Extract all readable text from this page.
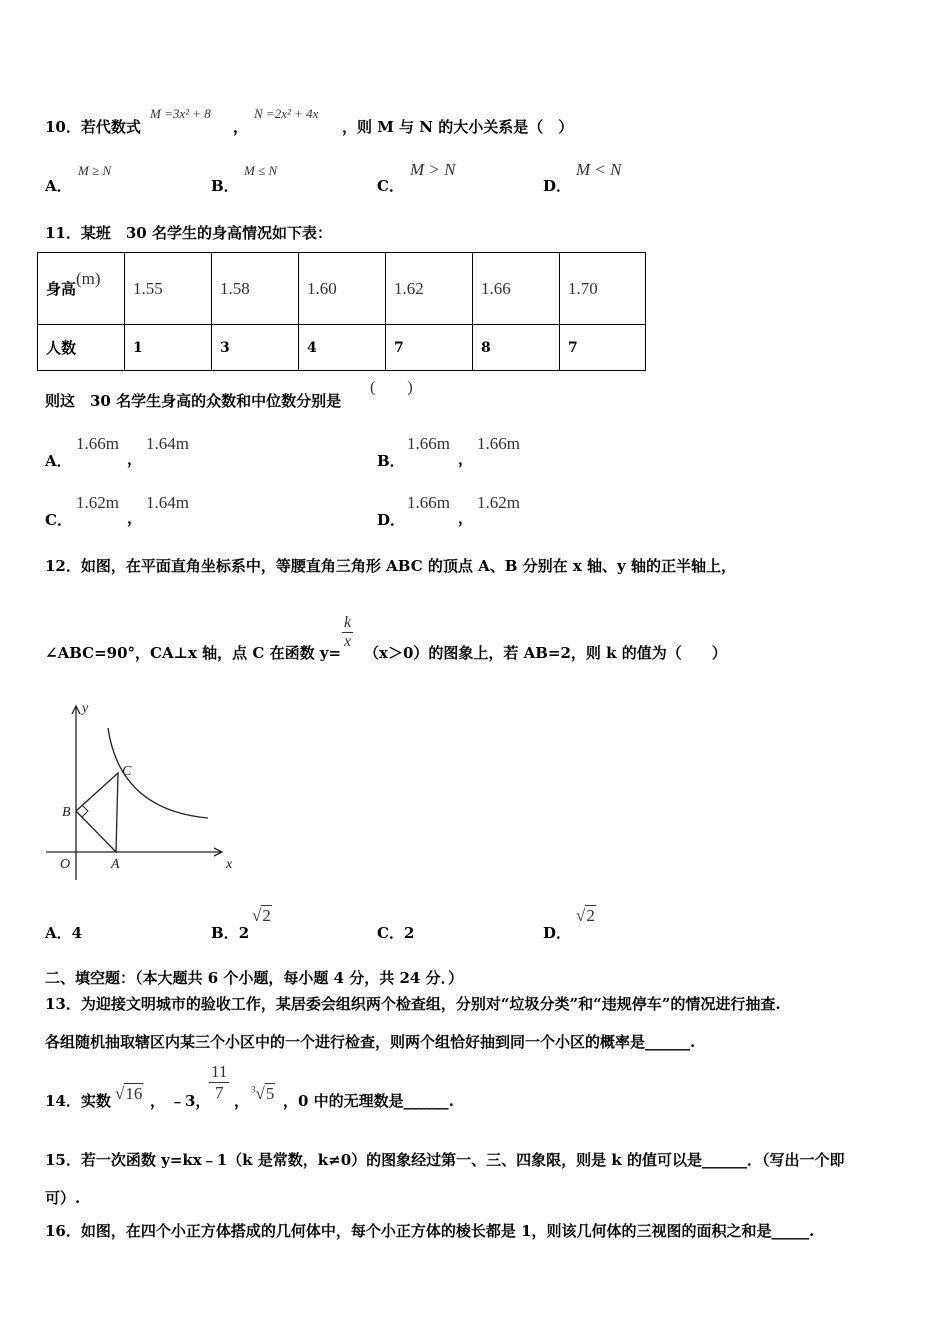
10．若代数式
M =3x² + 8
，
N =2x² + 4x
，则 M 与 N 的大小关系是（　）
A．
M ≥ N
B．
M ≤ N
C．
M > N
D．
M < N
11．某班　30 名学生的身高情况如下表：
身高(m)	1.55	1.58	1.60	1.62	1.66	1.70
人数	1	3	4	7	8	7
则这　30 名学生身高的众数和中位数分别是
(　　)
A．
1.66m
，
1.64m
B．
1.66m
，
1.66m
C．
1.62m
，
1.64m
D．
1.66m
，
1.62m
12．如图，在平面直角坐标系中，等腰直角三角形 ABC 的顶点 A、B 分别在 x 轴、y 轴的正半轴上，
∠ABC=90°，CA⊥x 轴，点 C 在函数 y=
$\frac{k}{x}$
（x＞0）的图象上，若 AB=2，则 k 的值为（　　）
y
x
O	A
B
C
A．4	B．2
√2
C．2	D．
√2
二、填空题：（本大题共 6 个小题，每小题 4 分，共 24 分．）
13．为迎接文明城市的验收工作，某居委会组织两个检查组，分别对“垃圾分类”和“违规停车”的情况进行抽查.
各组随机抽取辖区内某三个小区中的一个进行检查，则两个组恰好抽到同一个小区的概率是______.
14．实数 √16 ， ﹣3，
$\frac{11}{7}$ ，
$^3$√5 ，0 中的无理数是______.
15．若一次函数 y=kx﹣1（k 是常数，k≠0）的图象经过第一、三、四象限，则是 k 的值可以是______．（写出一个即
可）.
16．如图，在四个小正方体搭成的几何体中，每个小正方体的棱长都是 1，则该几何体的三视图的面积之和是_____.
